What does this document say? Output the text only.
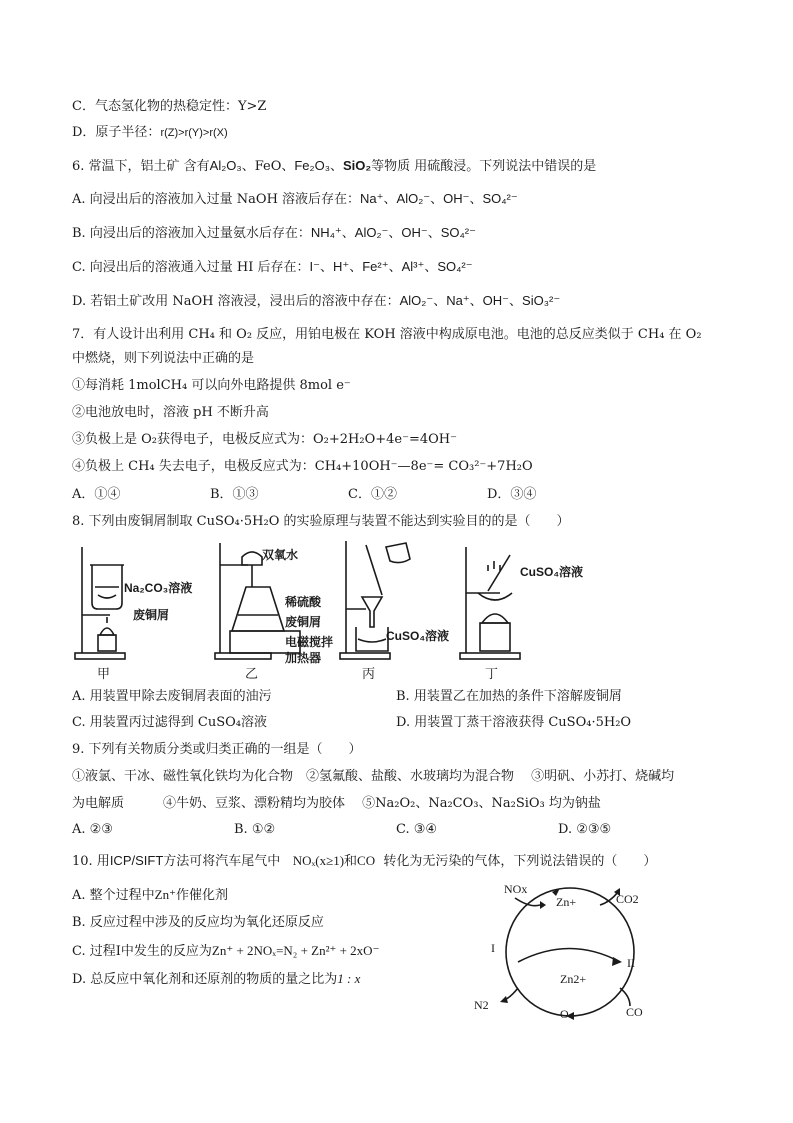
C．气态氢化物的热稳定性：Y>Z
D．原子半径：r(Z)>r(Y)>r(X)
6. 常温下，铝土矿 含有Al₂O₃、FeO、Fe₂O₃、SiO₂等物质 用硫酸浸。下列说法中错误的是
A. 向浸出后的溶液加入过量 NaOH 溶液后存在：Na⁺、AlO₂⁻、OH⁻、SO₄²⁻
B. 向浸出后的溶液加入过量氨水后存在：NH₄⁺、AlO₂⁻、OH⁻、SO₄²⁻
C. 向浸出后的溶液通入过量 HI 后存在：I⁻、H⁺、Fe²⁺、Al³⁺、SO₄²⁻
D. 若铝土矿改用 NaOH 溶液浸，浸出后的溶液中存在：AlO₂⁻、Na⁺、OH⁻、SiO₃²⁻
7．有人设计出利用 CH₄ 和 O₂ 反应，用铂电极在 KOH 溶液中构成原电池。电池的总反应类似于 CH₄ 在 O₂
中燃烧，则下列说法中正确的是
①每消耗 1molCH₄ 可以向外电路提供 8mol e⁻
②电池放电时，溶液 pH 不断升高
③负极上是 O₂获得电子，电极反应式为：O₂+2H₂O+4e⁻=4OH⁻
④负极上 CH₄ 失去电子，电极反应式为：CH₄+10OH⁻—8e⁻= CO₃²⁻+7H₂O
A．①④	B．①③	C．①②	D．③④
8. 下列由废铜屑制取 CuSO₄·5H₂O 的实验原理与装置不能达到实验目的的是（　　）
Na₂CO₃溶液
废铜屑
双氧水
稀硫酸
废铜屑
电磁搅拌
加热器
CuSO₄溶液
CuSO₄溶液
甲	乙	丙	丁
A. 用装置甲除去废铜屑表面的油污	B. 用装置乙在加热的条件下溶解废铜屑
C. 用装置丙过滤得到 CuSO₄溶液	D. 用装置丁蒸干溶液获得 CuSO₄·5H₂O
9. 下列有关物质分类或归类正确的一组是（　　）
①液氯、干冰、磁性氧化铁均为化合物　②氢氟酸、盐酸、水玻璃均为混合物　 ③明矾、小苏打、烧碱均
为电解质　　　④牛奶、豆浆、漂粉精均为胶体　 ⑤Na₂O₂、Na₂CO₃、Na₂SiO₃ 均为钠盐
A. ②③	B. ①②	C. ③④	D. ②③⑤
10. 用ICP/SIFT方法可将汽车尾气中 NOₓ(x≥1)和CO 转化为无污染的气体，下列说法错误的（　　）
A. 整个过程中Zn⁺作催化剂
B. 反应过程中涉及的反应均为氧化还原反应
C. 过程Ⅰ中发生的反应为Zn⁺ + 2NOₓ=N₂ + Zn²⁺ + 2xO⁻
D. 总反应中氧化剂和还原剂的物质的量之比为1 : x
NOx
Zn+	CO2
I
II
Zn2+
N2
O-	CO
